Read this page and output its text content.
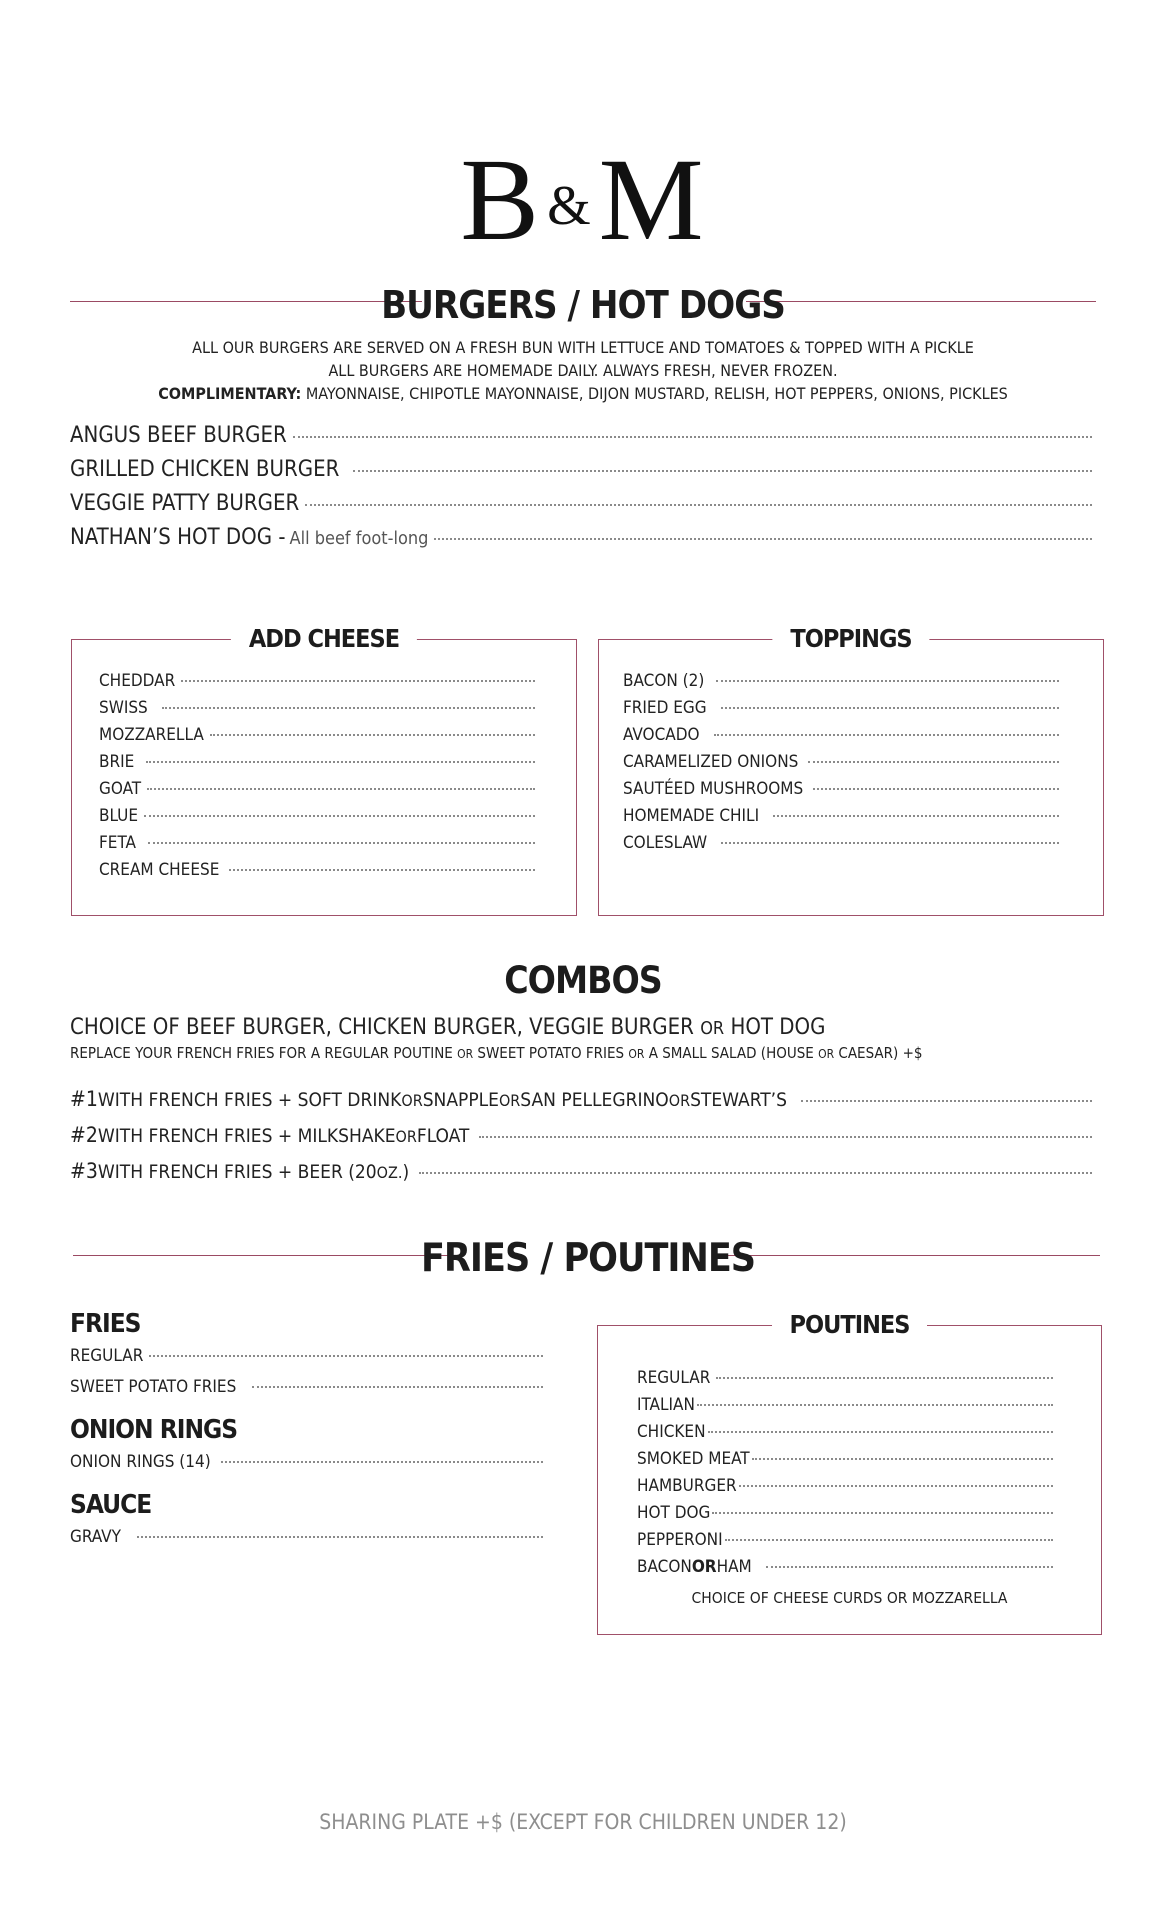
B &M
BURGERS / HOT DOGS
ALL OUR BURGERS ARE SERVED ON A FRESH BUN WITH LETTUCE AND TOMATOES & TOPPED WITH A PICKLE
ALL BURGERS ARE HOMEMADE DAILY. ALWAYS FRESH, NEVER FROZEN.
COMPLIMENTARY: MAYONNAISE, CHIPOTLE MAYONNAISE, DIJON MUSTARD, RELISH, HOT PEPPERS, ONIONS, PICKLES
ANGUS BEEF BURGER
GRILLED CHICKEN BURGER
VEGGIE PATTY BURGER
NATHAN’S HOT DOG - All beef foot-long
ADD CHEESE
CHEDDAR
SWISS
MOZZARELLA
BRIE
GOAT
BLUE
FETA
CREAM CHEESE
TOPPINGS
BACON (2)
FRIED EGG
AVOCADO
CARAMELIZED ONIONS
SAUTÉED MUSHROOMS
HOMEMADE CHILI
COLESLAW
COMBOS
CHOICE OF BEEF BURGER, CHICKEN BURGER, VEGGIE BURGER OR HOT DOG
REPLACE YOUR FRENCH FRIES FOR A REGULAR POUTINE OR SWEET POTATO FRIES OR A SMALL SALAD (HOUSE OR CAESAR) +$
#1 WITH FRENCH FRIES + SOFT DRINK OR SNAPPLE OR SAN PELLEGRINO OR STEWART’S
#2 WITH FRENCH FRIES + MILKSHAKE OR FLOAT
#3 WITH FRENCH FRIES + BEER (20 OZ. )
FRIES / POUTINES
FRIES
REGULAR
SWEET POTATO FRIES
ONION RINGS
ONION RINGS (14)
SAUCE
GRAVY
POUTINES
REGULAR
ITALIAN
CHICKEN
SMOKED MEAT
HAMBURGER
HOT DOG
PEPPERONI
BACON OR HAM
CHOICE OF CHEESE CURDS OR MOZZARELLA
SHARING PLATE +$ (EXCEPT FOR CHILDREN UNDER 12)
